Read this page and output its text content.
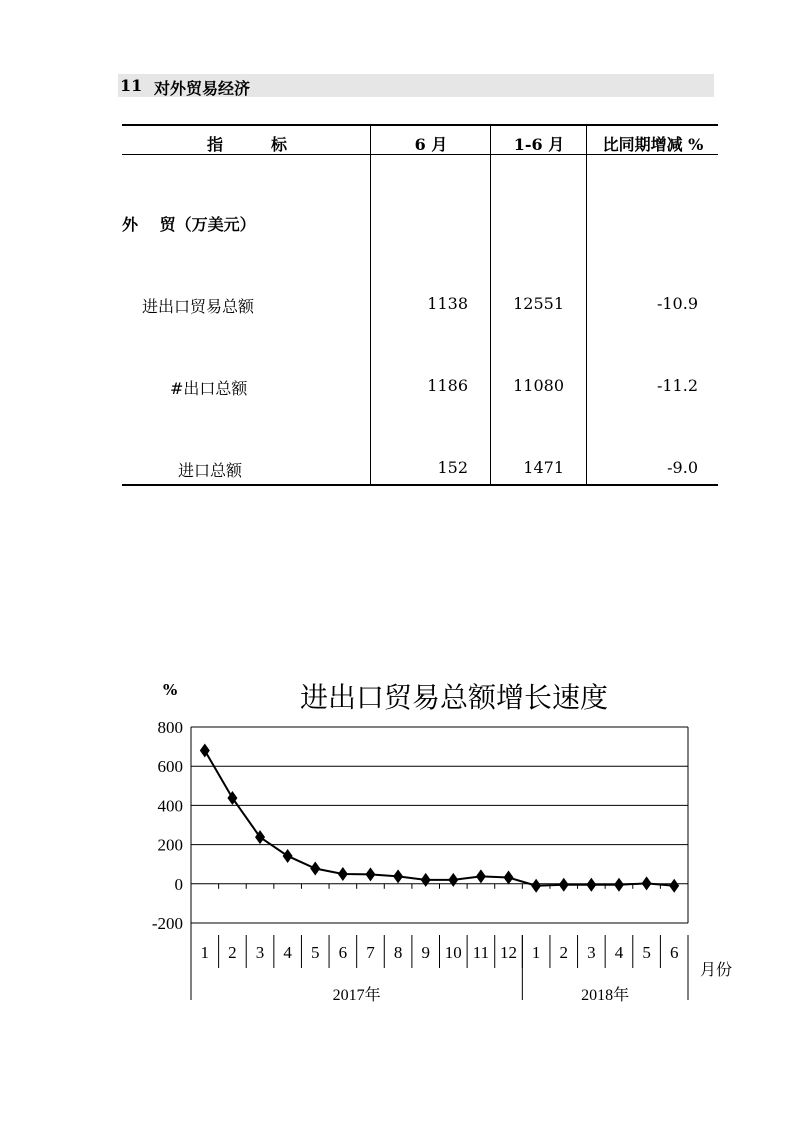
11 对外贸易经济
指　　　标	6 月	1-6 月	比同期增减 %
外　 贸（万美元）
进出口贸易总额	1138	12551	-10.9
#出口总额	1186	11080	-11.2
进口总额	152	1471	-9.0
进出口贸易总额增长速度
%
月份
800
600
400
200
0
-200
1 2 3 4 5 6 7 8 9 10 11 12 1 2 3 4 5 6
2017年	2018年
